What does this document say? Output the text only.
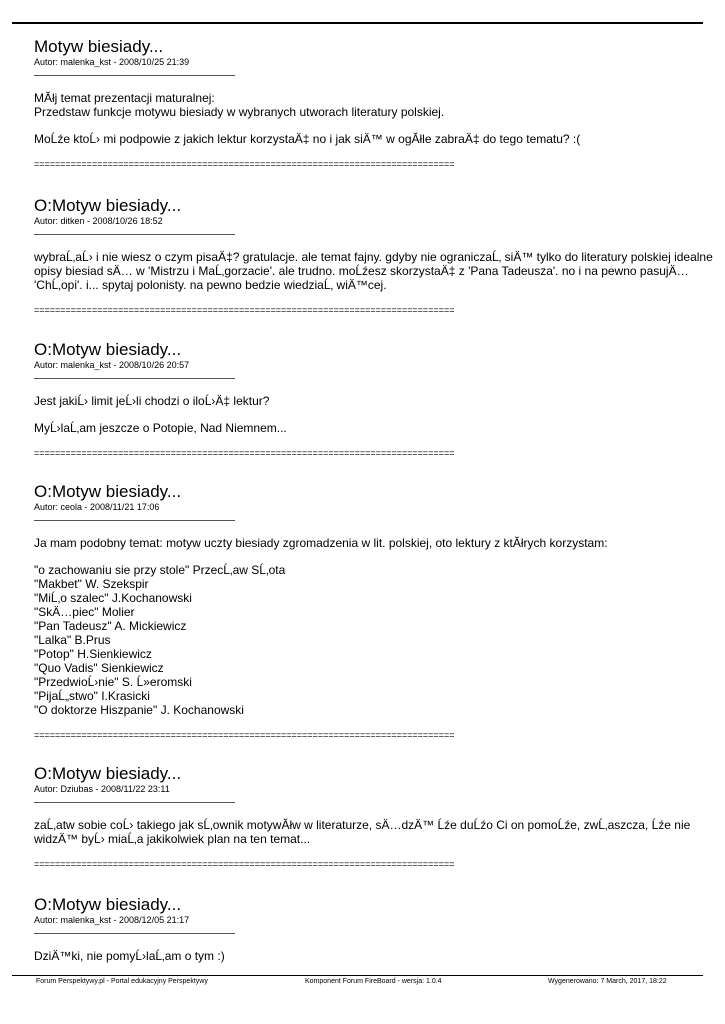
Motyw biesiady...
Autor: malenka_kst - 2008/10/25 21:39

MĂłj temat prezentacji maturalnej:
Przedstaw funkcje motywu biesiady w wybranych utworach literatury polskiej.

MoĹźe ktoĹ› mi podpowie z jakich lektur korzystaÄ‡ no i jak siÄ™ w ogĂłle zabraÄ‡ do tego tematu? :(

================================================================================
O:Motyw biesiady...
Autor: ditken - 2008/10/26 18:52

wybraĹ‚aĹ› i nie wiesz o czym pisaÄ‡? gratulacje. ale temat fajny. gdyby nie ograniczaĹ‚ siÄ™ tylko do literatury polskiej idealne
opisy biesiad sÄ… w 'Mistrzu i MaĹ‚gorzacie'. ale trudno. moĹźesz skorzystaÄ‡ z 'Pana Tadeusza'. no i na pewno pasujÄ…
'ChĹ‚opi'. i... spytaj polonisty. na pewno bedzie wiedziaĹ‚ wiÄ™cej.

================================================================================
O:Motyw biesiady...
Autor: malenka_kst - 2008/10/26 20:57

Jest jakiĹ› limit jeĹ›li chodzi o iloĹ›Ä‡ lektur?

MyĹ›laĹ‚am jeszcze o Potopie, Nad Niemnem...

================================================================================
O:Motyw biesiady...
Autor: ceola - 2008/11/21 17:06

Ja mam podobny temat: motyw uczty biesiady zgromadzenia w lit. polskiej, oto lektury z ktĂłrych korzystam:

"o zachowaniu sie przy stole" PrzecĹ‚aw SĹ‚ota
"Makbet" W. Szekspir
"MiĹ‚o szalec" J.Kochanowski
"SkÄ…piec" Molier
"Pan Tadeusz" A. Mickiewicz
"Lalka" B.Prus
"Potop" H.Sienkiewicz
"Quo Vadis" Sienkiewicz
"PrzedwioĹ›nie" S. Ĺ»eromski
"PijaĹ„stwo" I.Krasicki
"O doktorze Hiszpanie" J. Kochanowski

================================================================================
O:Motyw biesiady...
Autor: Dziubas - 2008/11/22 23:11

zaĹ‚atw sobie coĹ› takiego jak sĹ‚ownik motywĂłw w literaturze, sÄ…dzÄ™ Ĺźe duĹźo Ci on pomoĹźe, zwĹ‚aszcza, Ĺźe nie
widzÄ™ byĹ› miaĹ‚a jakikolwiek plan na ten temat...

================================================================================
O:Motyw biesiady...
Autor: malenka_kst - 2008/12/05 21:17

DziÄ™ki, nie pomyĹ›laĹ‚am o tym :)

Forum Perspektywy.pl - Portal edukacyjny Perspektywy	Komponent Forum FireBoard - wersja: 1.0.4	Wygenerowano: 7 March, 2017, 18:22
